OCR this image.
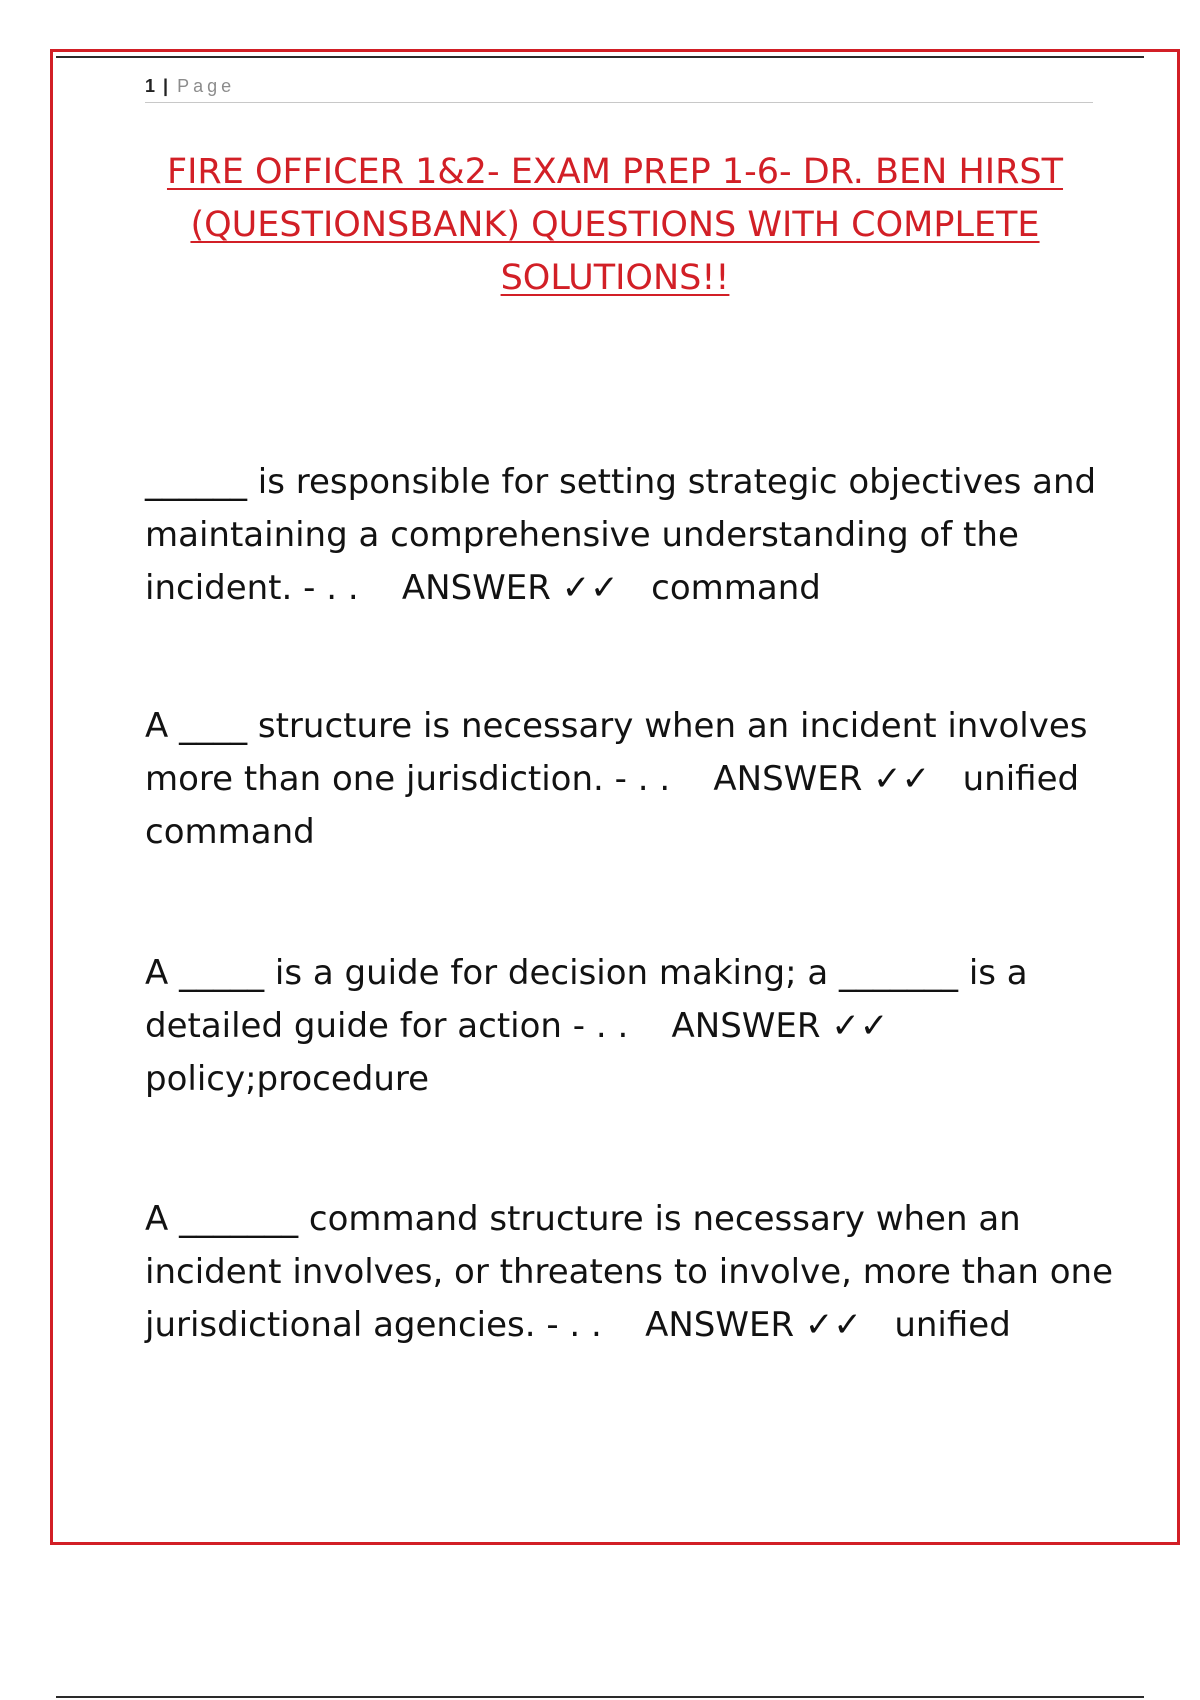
1 | Page
FIRE OFFICER 1&2- EXAM PREP 1-6- DR. BEN HIRST (QUESTIONSBANK) QUESTIONS WITH COMPLETE SOLUTIONS!!
______ is responsible for setting strategic objectives and maintaining a comprehensive understanding of the incident. - . . ANSWER ✓✓ command
A ____ structure is necessary when an incident involves more than one jurisdiction. - . . ANSWER ✓✓ unified command
A _____ is a guide for decision making; a _______ is a detailed guide for action - . . ANSWER ✓✓   policy;procedure
A _______ command structure is necessary when an incident involves, or threatens to involve, more than one jurisdictional agencies. - . . ANSWER ✓✓ unified
